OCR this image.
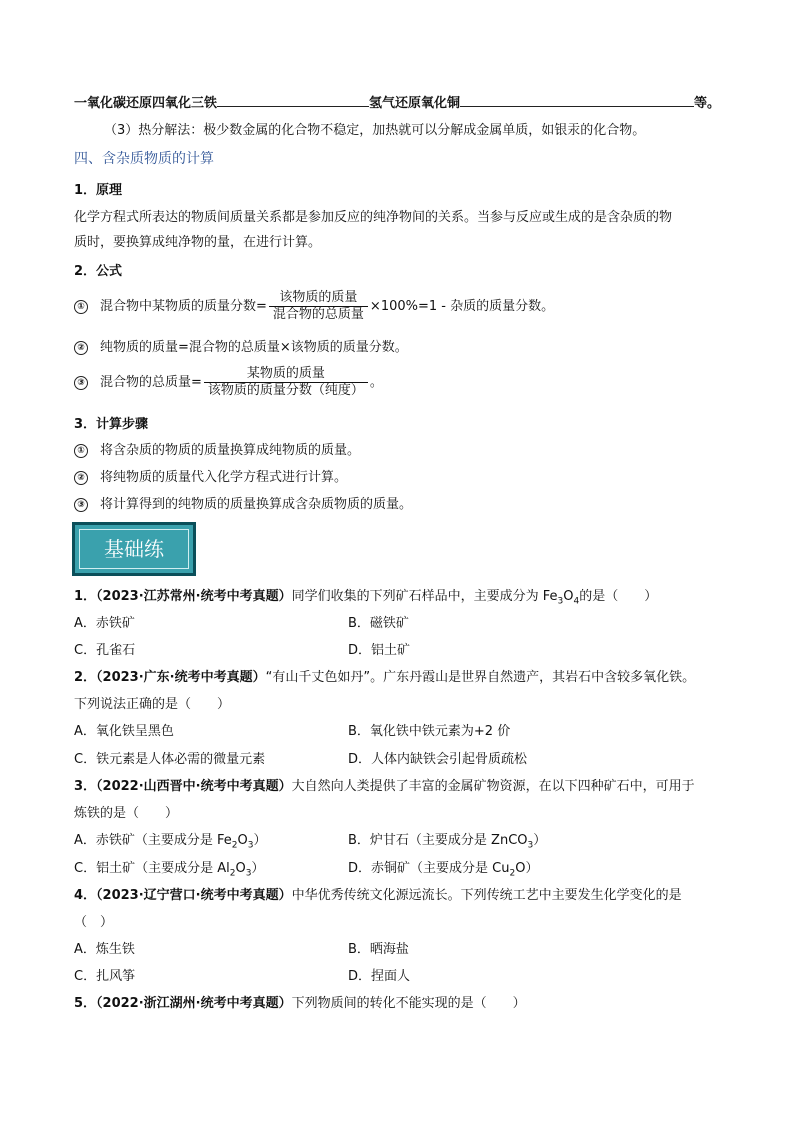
一氧化碳还原四氧化三铁	氢气还原氧化铜	等。
（3）热分解法：极少数金属的化合物不稳定，加热就可以分解成金属单质，如银汞的化合物。
四、含杂质物质的计算
1．原理
化学方程式所表达的物质间质量关系都是参加反应的纯净物间的关系。当参与反应或生成的是含杂质的物
质时，要换算成纯净物的量，在进行计算。
2．公式
① 混合物中某物质的质量分数= $\frac{\text{该物质的质量}}{\text{混合物的总质量}} \times 100\%=1$ - 杂质的质量分数。
② 纯物质的质量=混合物的总质量×该物质的质量分数。
③ 混合物的总质量= $\frac{\text{某物质的质量}}{\text{该物质的质量分数（纯度）}}$ 。
3．计算步骤
① 将含杂质的物质的质量换算成纯物质的质量。
② 将纯物质的质量代入化学方程式进行计算。
③ 将计算得到的纯物质的质量换算成含杂质物质的质量。
基础练
1．（2023·江苏常州·统考中考真题）同学们收集的下列矿石样品中，主要成分为 $Fe_3O_4$的是（　　）
A．赤铁矿	B．磁铁矿
C．孔雀石	D．铝土矿
2．（2023·广东·统考中考真题）“有山千丈色如丹”。广东丹霞山是世界自然遗产，其岩石中含较多氧化铁。
下列说法正确的是（　　）
A．氧化铁呈黑色	B．氧化铁中铁元素为+2 价
C．铁元素是人体必需的微量元素	D．人体内缺铁会引起骨质疏松
3．（2022·山西晋中·统考中考真题）大自然向人类提供了丰富的金属矿物资源，在以下四种矿石中，可用于
炼铁的是（　　）
A．赤铁矿（主要成分是 $Fe_2O_3$）	B．炉甘石（主要成分是 ZnCO$_3$）
C．铝土矿（主要成分是 $Al_2O_3$）	D．赤铜矿（主要成分是 $Cu_2O$）
4．（2023·辽宁营口·统考中考真题）中华优秀传统文化源远流长。下列传统工艺中主要发生化学变化的是
（　）
A．炼生铁	B．晒海盐
C．扎风筝	D．捏面人
5．（2022·浙江湖州·统考中考真题）下列物质间的转化不能实现的是（　　）
